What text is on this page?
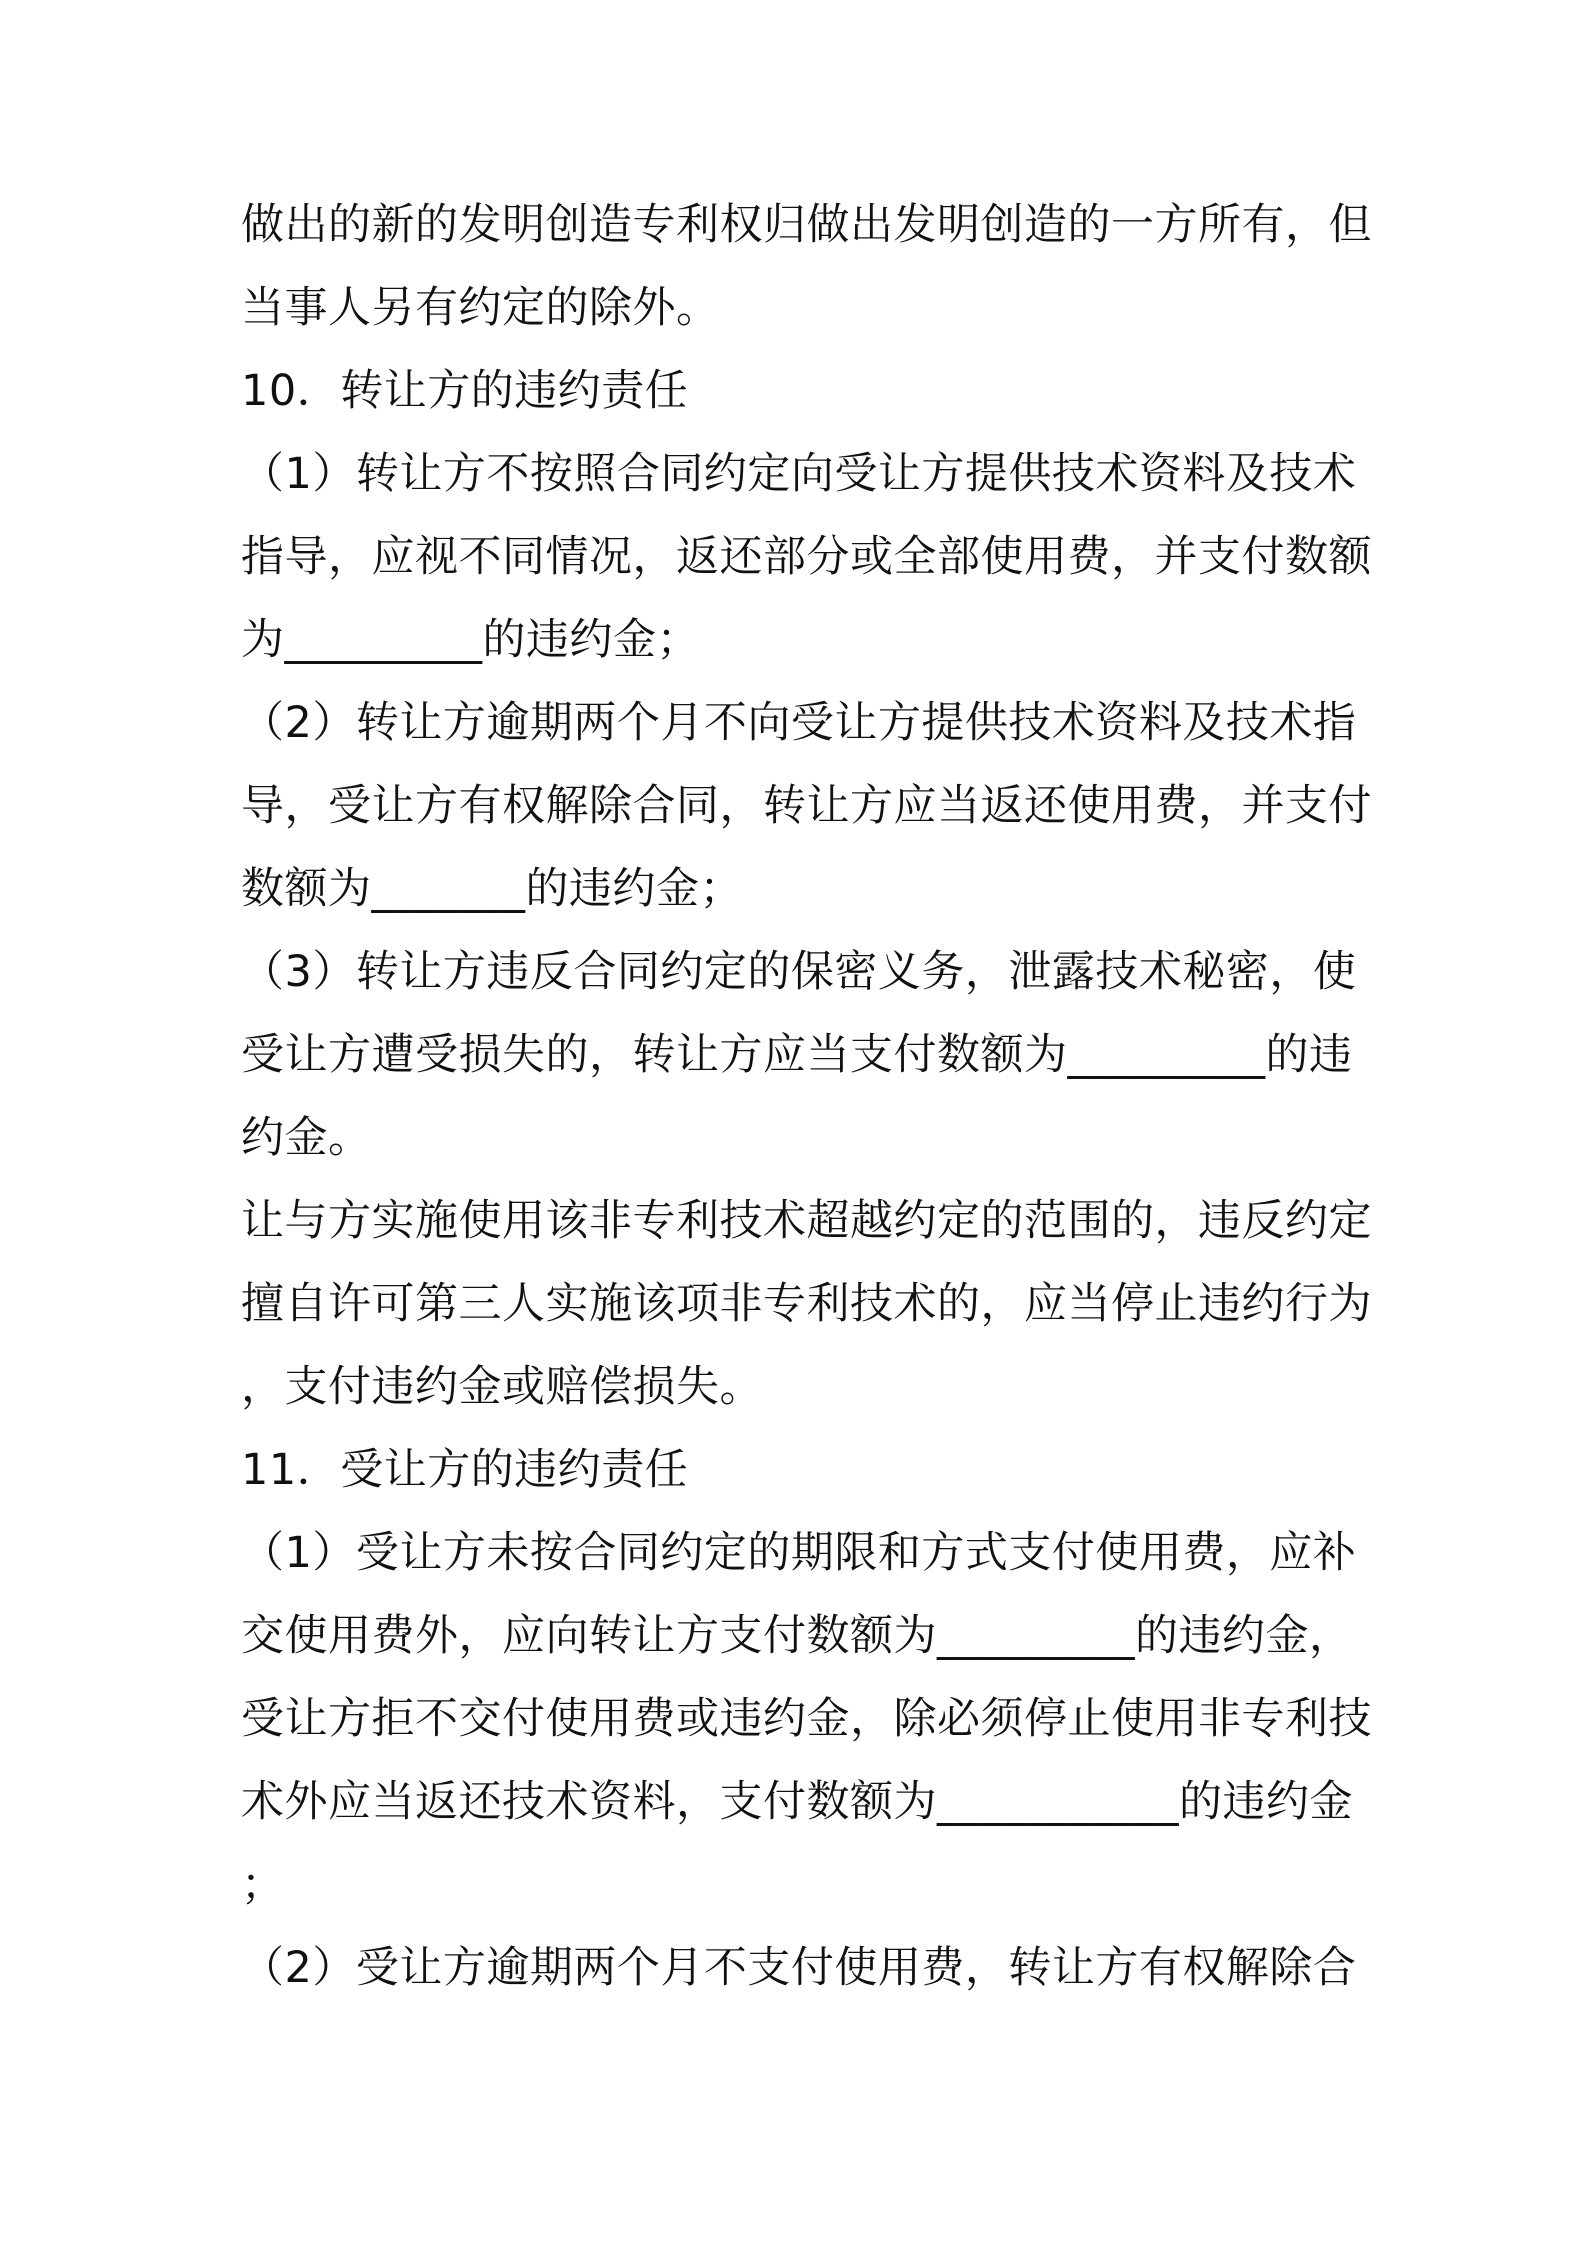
做出的新的发明创造专利权归做出发明创造的一方所有，但

当事人另有约定的除外。

10．转让方的违约责任

（1）转让方不按照合同约定向受让方提供技术资料及技术

指导，应视不同情况，返还部分或全部使用费，并支付数额

为_________的违约金；

（2）转让方逾期两个月不向受让方提供技术资料及技术指

导，受让方有权解除合同，转让方应当返还使用费，并支付

数额为_______的违约金；

（3）转让方违反合同约定的保密义务，泄露技术秘密，使

受让方遭受损失的，转让方应当支付数额为_________的违

约金。

让与方实施使用该非专利技术超越约定的范围的，违反约定

擅自许可第三人实施该项非专利技术的，应当停止违约行为

，支付违约金或赔偿损失。

11．受让方的违约责任

（1）受让方未按合同约定的期限和方式支付使用费，应补

交使用费外，应向转让方支付数额为_________的违约金，

受让方拒不交付使用费或违约金，除必须停止使用非专利技

术外应当返还技术资料，支付数额为___________的违约金

；

（2）受让方逾期两个月不支付使用费，转让方有权解除合
